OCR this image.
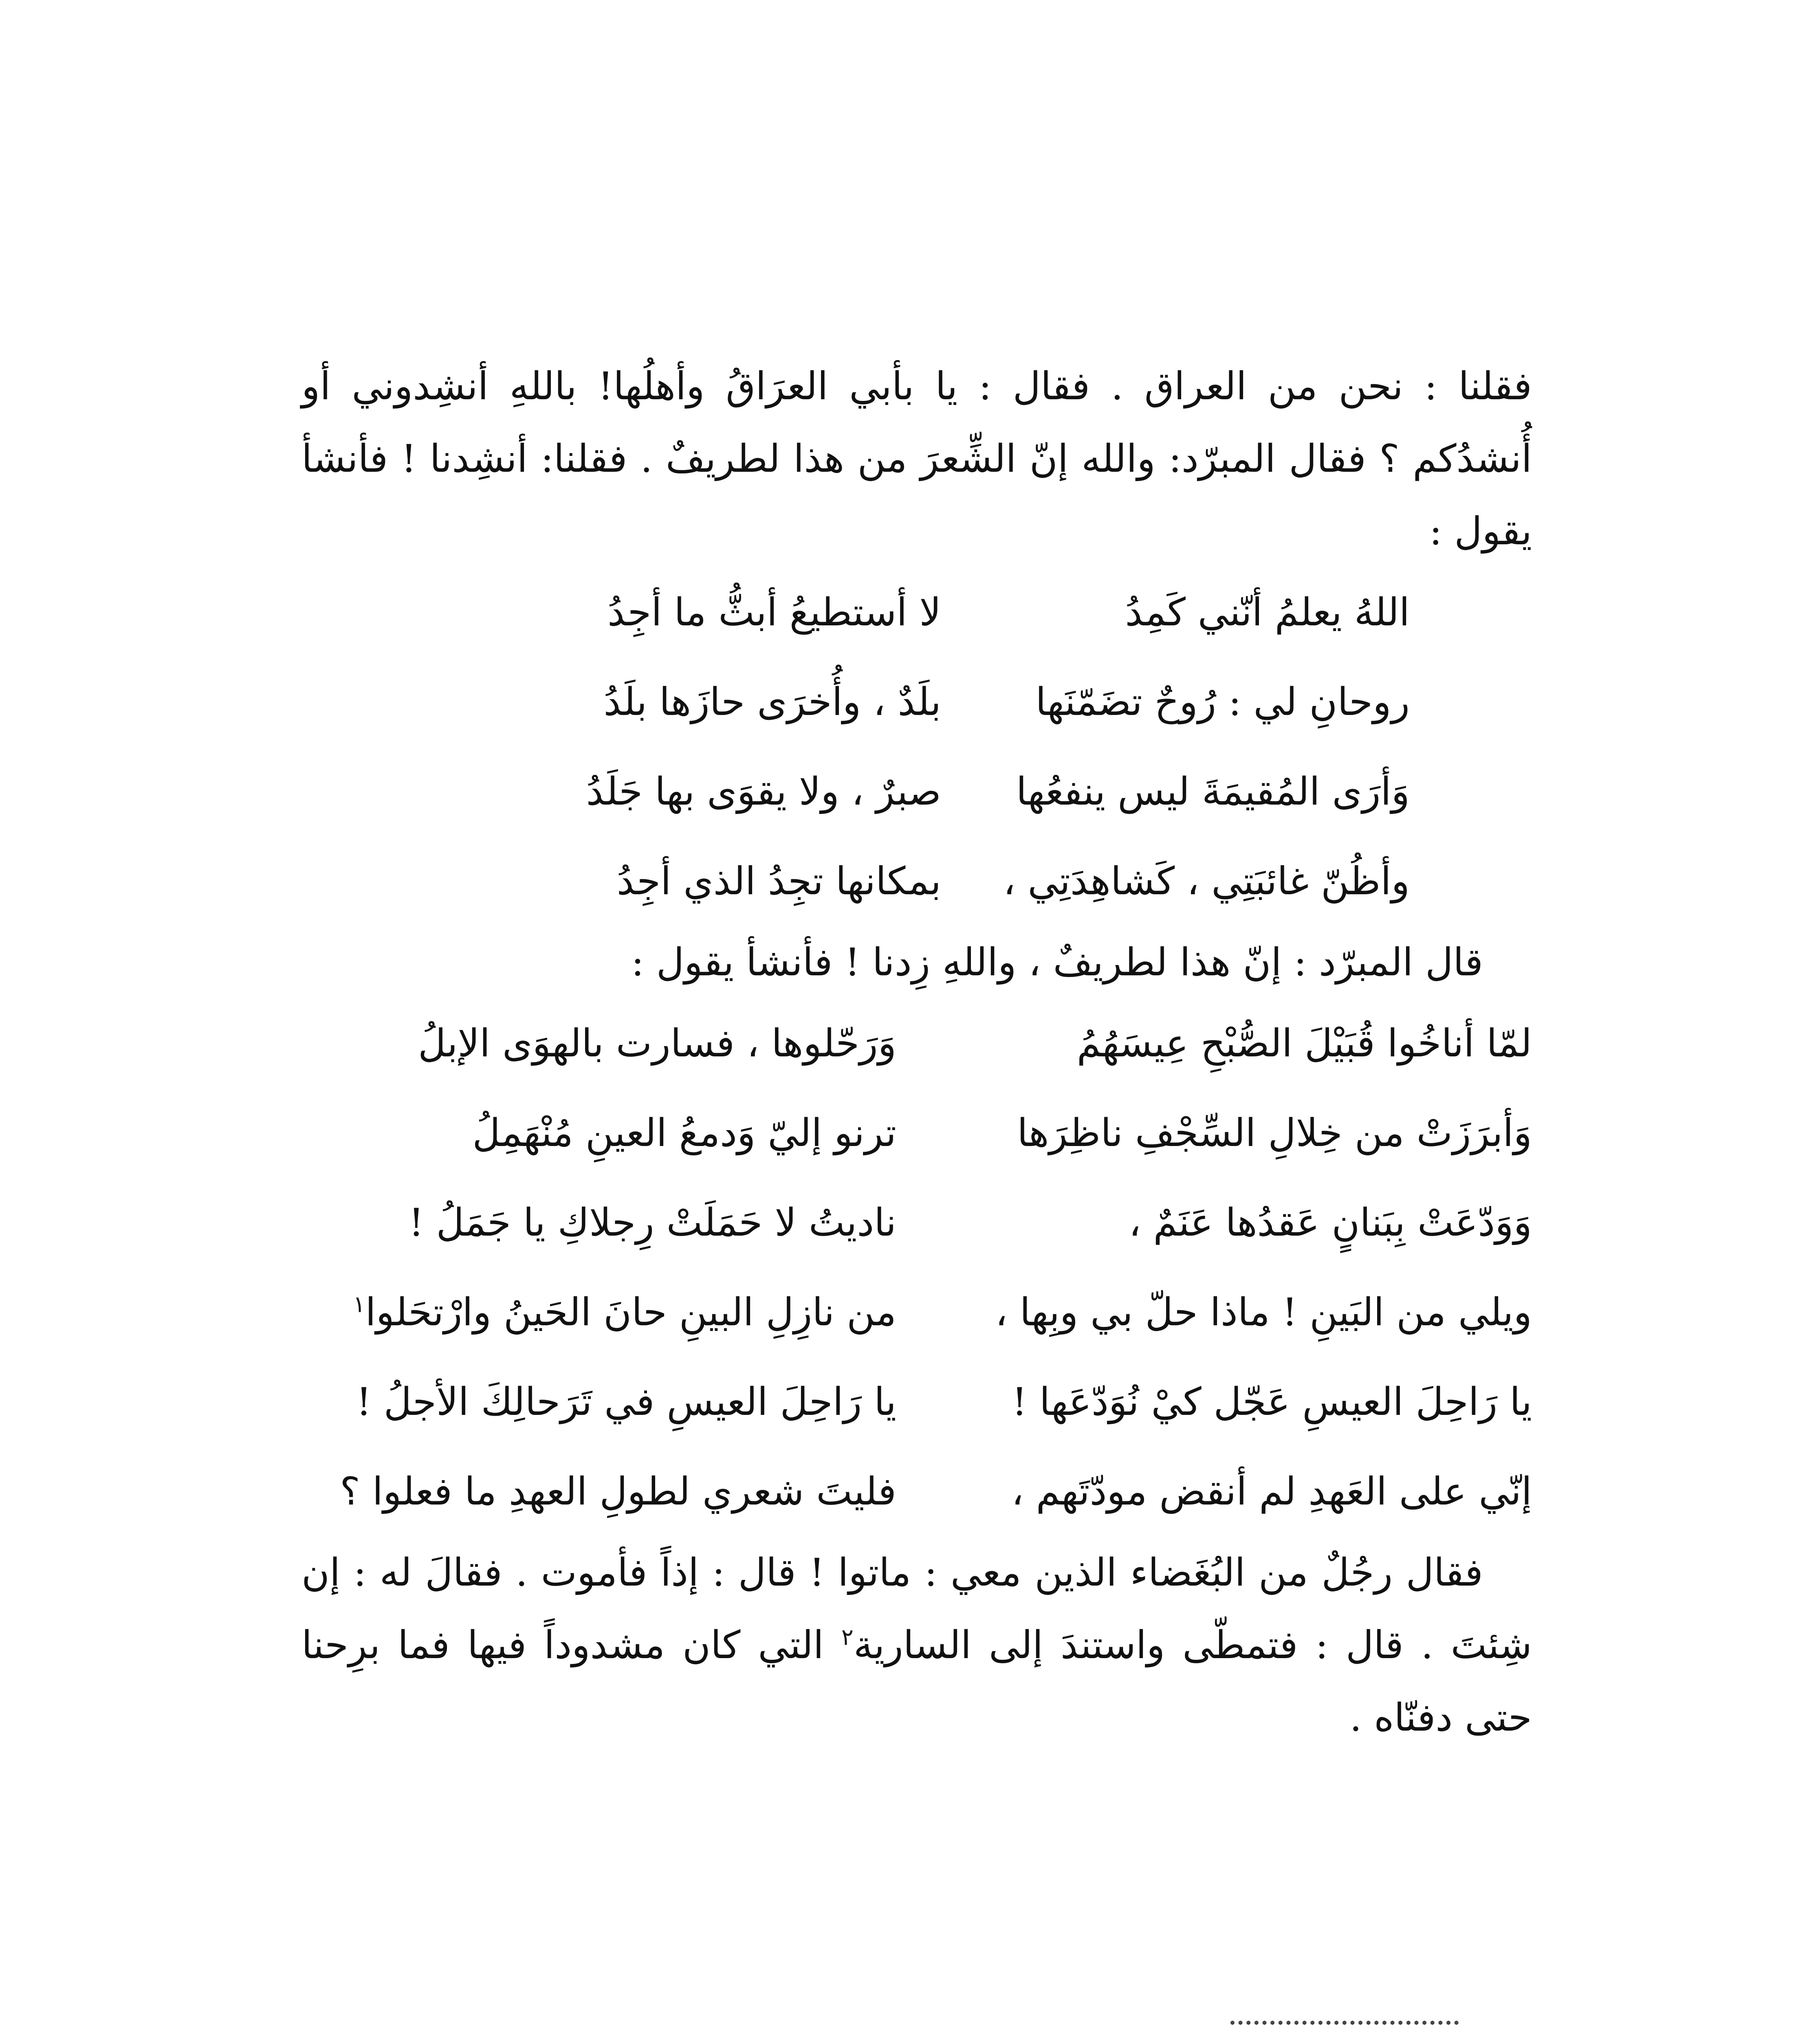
فقلنا : نحن من العراق . فقال : يا بأبي العرَاقُ وأهلُها! باللهِ أنشِدوني أو أُنشدُكم ؟ فقال المبرّد: والله إنّ الشِّعرَ من هذا لطريفٌ . فقلنا: أنشِدنا ! فأنشأ يقول :

اللهُ يعلمُ أنّني كَمِدُ
لا أستطيعُ أبثُّ ما أجِدُ
روحانِ لي : رُوحٌ تضَمّنَها
بلَدٌ ، وأُخرَى حازَها بلَدُ
وَأرَى المُقيمَةَ ليس ينفعُها
صبرٌ ، ولا يقوَى بها جَلَدُ
وأظُنّ غائبَتِي ، كَشاهِدَتِي ،
بمكانها تجِدُ الذي أجِدُ

قال المبرّد : إنّ هذا لطريفٌ ، واللهِ زِدنا ! فأنشأ يقول :

لمّا أناخُوا قُبَيْلَ الصُّبْحِ عِيسَهُمُ
وَرَحّلوها ، فسارت بالهوَى الإبلُ
وَأبرَزَتْ من خِلالِ السِّجْفِ ناظِرَها
ترنو إليّ وَدمعُ العينِ مُنْهَمِلُ
وَوَدّعَتْ بِبَنانٍ عَقدُها عَنَمٌ ،
ناديتُ لا حَمَلَتْ رِجلاكِ يا جَمَلُ !
ويلي من البَينِ ! ماذا حلّ بي وبِها ،
من نازِلِ البينِ حانَ الحَينُ وارْتحَلوا$^١$
يا رَاحِلَ العيسِ عَجّل كيْ نُوَدّعَها !
يا رَاحِلَ العيسِ في تَرَحالِكَ الأجلُ !
إنّي على العَهدِ لم أنقض مودّتَهم ،
فليتَ شعري لطولِ العهدِ ما فعلوا ؟

فقال رجُلٌ من البُغَضاء الذين معي : ماتوا ! قال : إذاً فأموت . فقالَ له : إن شِئتَ . قال : فتمطّى واستندَ إلى السارية$^٢$ التي كان مشدوداً فيها فما برِحنا حتى دفنّاه .
